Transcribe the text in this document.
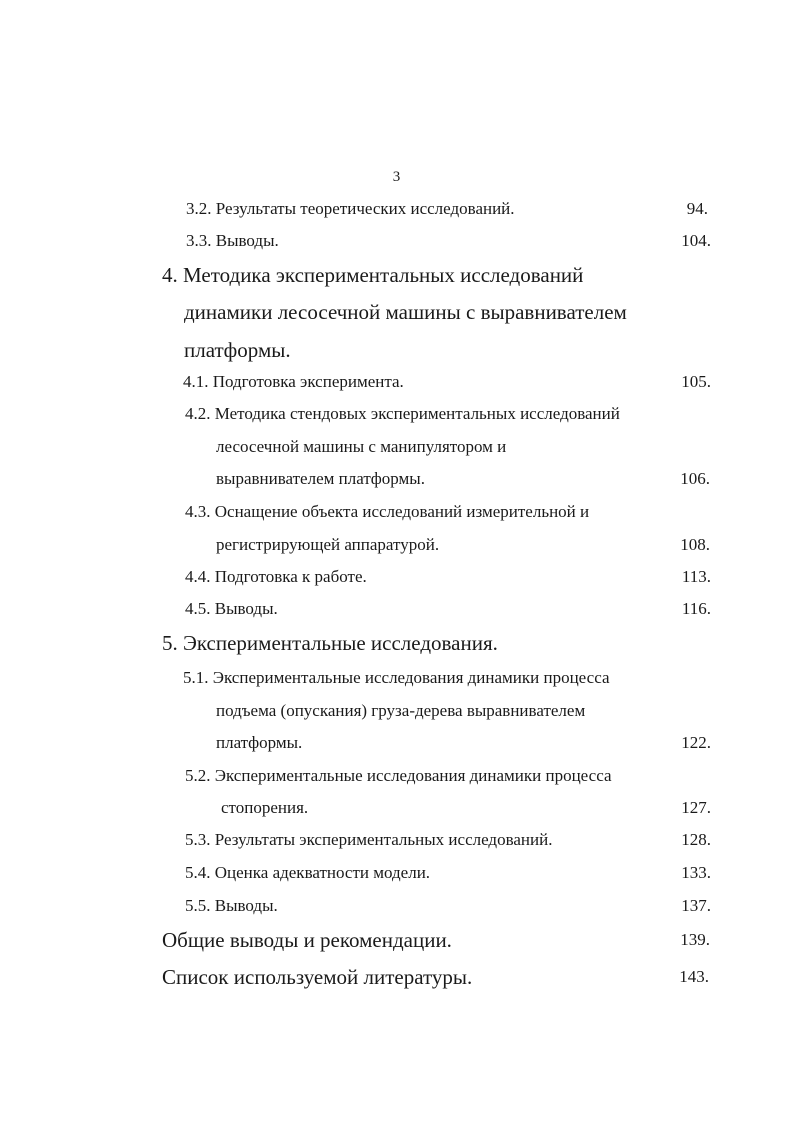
3
3.2. Результаты теоретических исследований.	94.
3.3. Выводы.	104.
4. Методика экспериментальных исследований
динамики лесосечной машины с выравнивателем
платформы.
4.1. Подготовка эксперимента.	105.
4.2. Методика стендовых экспериментальных исследований
лесосечной машины с манипулятором и
выравнивателем платформы.	106.
4.3. Оснащение объекта исследований измерительной и
регистрирующей аппаратурой.	108.
4.4. Подготовка к работе.	113.
4.5. Выводы.	116.
5. Экспериментальные исследования.
5.1. Экспериментальные исследования динамики процесса
подъема (опускания) груза-дерева выравнивателем
платформы.	122.
5.2. Экспериментальные исследования динамики процесса
стопорения.	127.
5.3. Результаты экспериментальных исследований.	128.
5.4. Оценка адекватности модели.	133.
5.5. Выводы.	137.
Общие выводы и рекомендации.	139.
Список используемой литературы.	143.
